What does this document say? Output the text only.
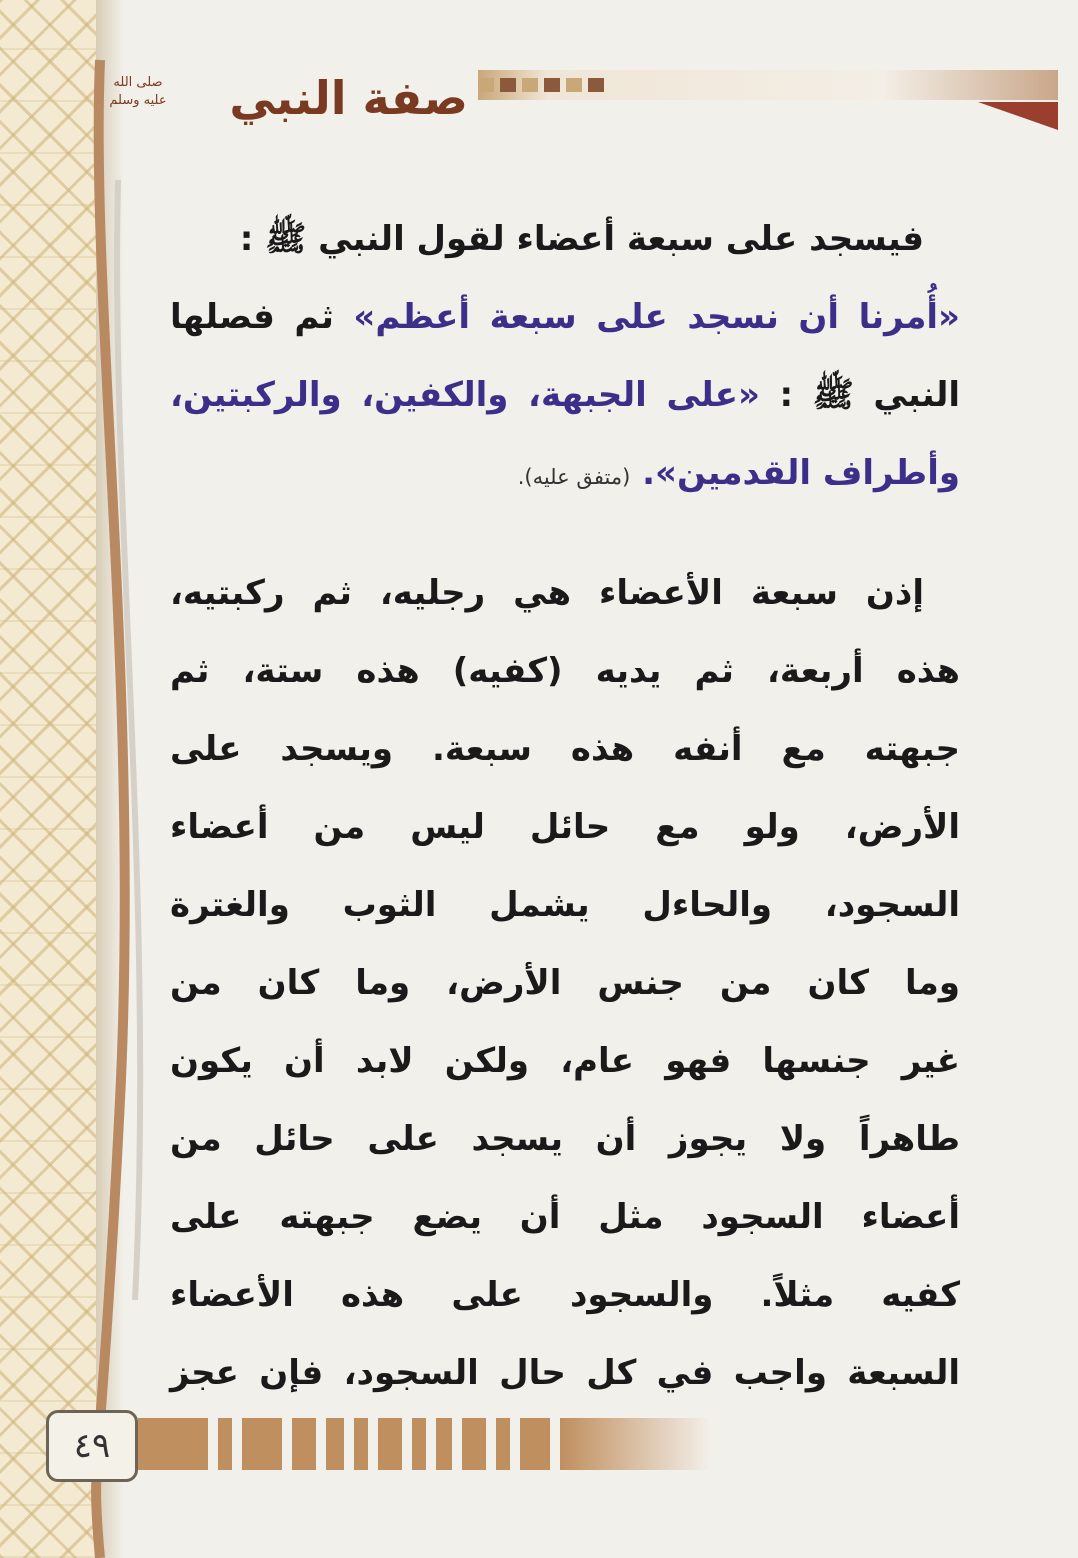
صفة النبي
صلى الله عليه وسلم
فيسجد على سبعة أعضاء لقول النبي ﷺ :
«أُمرنا أن نسجد على سبعة أعظم» ثم فصلها
النبي ﷺ : «على الجبهة، والكفين، والركبتين،
وأطراف القدمين». (متفق عليه).
إذن سبعة الأعضاء هي رجليه، ثم ركبتيه،
هذه أربعة، ثم يديه (كفيه) هذه ستة، ثم
جبهته مع أنفه هذه سبعة. ويسجد على
الأرض، ولو مع حائل ليس من أعضاء
السجود، والحاءل يشمل الثوب والغترة
وما كان من جنس الأرض، وما كان من
غير جنسها فهو عام، ولكن لابد أن يكون
طاهراً ولا يجوز أن يسجد على حائل من
أعضاء السجود مثل أن يضع جبهته على
كفيه مثلاً. والسجود على هذه الأعضاء
السبعة واجب في كل حال السجود، فإن عجز
٤٩
